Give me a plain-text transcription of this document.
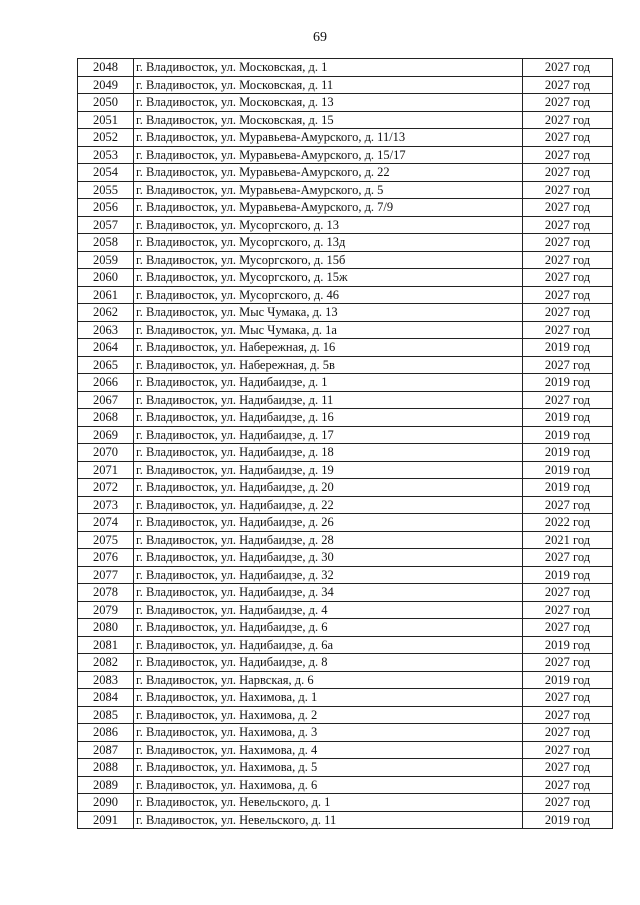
69
2048	г. Владивосток, ул. Московская, д. 1	2027 год
2049	г. Владивосток, ул. Московская, д. 11	2027 год
2050	г. Владивосток, ул. Московская, д. 13	2027 год
2051	г. Владивосток, ул. Московская, д. 15	2027 год
2052	г. Владивосток, ул. Муравьева-Амурского, д. 11/13	2027 год
2053	г. Владивосток, ул. Муравьева-Амурского, д. 15/17	2027 год
2054	г. Владивосток, ул. Муравьева-Амурского, д. 22	2027 год
2055	г. Владивосток, ул. Муравьева-Амурского, д. 5	2027 год
2056	г. Владивосток, ул. Муравьева-Амурского, д. 7/9	2027 год
2057	г. Владивосток, ул. Мусоргского, д. 13	2027 год
2058	г. Владивосток, ул. Мусоргского, д. 13д	2027 год
2059	г. Владивосток, ул. Мусоргского, д. 15б	2027 год
2060	г. Владивосток, ул. Мусоргского, д. 15ж	2027 год
2061	г. Владивосток, ул. Мусоргского, д. 46	2027 год
2062	г. Владивосток, ул. Мыс Чумака, д. 13	2027 год
2063	г. Владивосток, ул. Мыс Чумака, д. 1а	2027 год
2064	г. Владивосток, ул. Набережная, д. 16	2019 год
2065	г. Владивосток, ул. Набережная, д. 5в	2027 год
2066	г. Владивосток, ул. Надибаидзе, д. 1	2019 год
2067	г. Владивосток, ул. Надибаидзе, д. 11	2027 год
2068	г. Владивосток, ул. Надибаидзе, д. 16	2019 год
2069	г. Владивосток, ул. Надибаидзе, д. 17	2019 год
2070	г. Владивосток, ул. Надибаидзе, д. 18	2019 год
2071	г. Владивосток, ул. Надибаидзе, д. 19	2019 год
2072	г. Владивосток, ул. Надибаидзе, д. 20	2019 год
2073	г. Владивосток, ул. Надибаидзе, д. 22	2027 год
2074	г. Владивосток, ул. Надибаидзе, д. 26	2022 год
2075	г. Владивосток, ул. Надибаидзе, д. 28	2021 год
2076	г. Владивосток, ул. Надибаидзе, д. 30	2027 год
2077	г. Владивосток, ул. Надибаидзе, д. 32	2019 год
2078	г. Владивосток, ул. Надибаидзе, д. 34	2027 год
2079	г. Владивосток, ул. Надибаидзе, д. 4	2027 год
2080	г. Владивосток, ул. Надибаидзе, д. 6	2027 год
2081	г. Владивосток, ул. Надибаидзе, д. 6а	2019 год
2082	г. Владивосток, ул. Надибаидзе, д. 8	2027 год
2083	г. Владивосток, ул. Нарвская, д. 6	2019 год
2084	г. Владивосток, ул. Нахимова, д. 1	2027 год
2085	г. Владивосток, ул. Нахимова, д. 2	2027 год
2086	г. Владивосток, ул. Нахимова, д. 3	2027 год
2087	г. Владивосток, ул. Нахимова, д. 4	2027 год
2088	г. Владивосток, ул. Нахимова, д. 5	2027 год
2089	г. Владивосток, ул. Нахимова, д. 6	2027 год
2090	г. Владивосток, ул. Невельского, д. 1	2027 год
2091	г. Владивосток, ул. Невельского, д. 11	2019 год
